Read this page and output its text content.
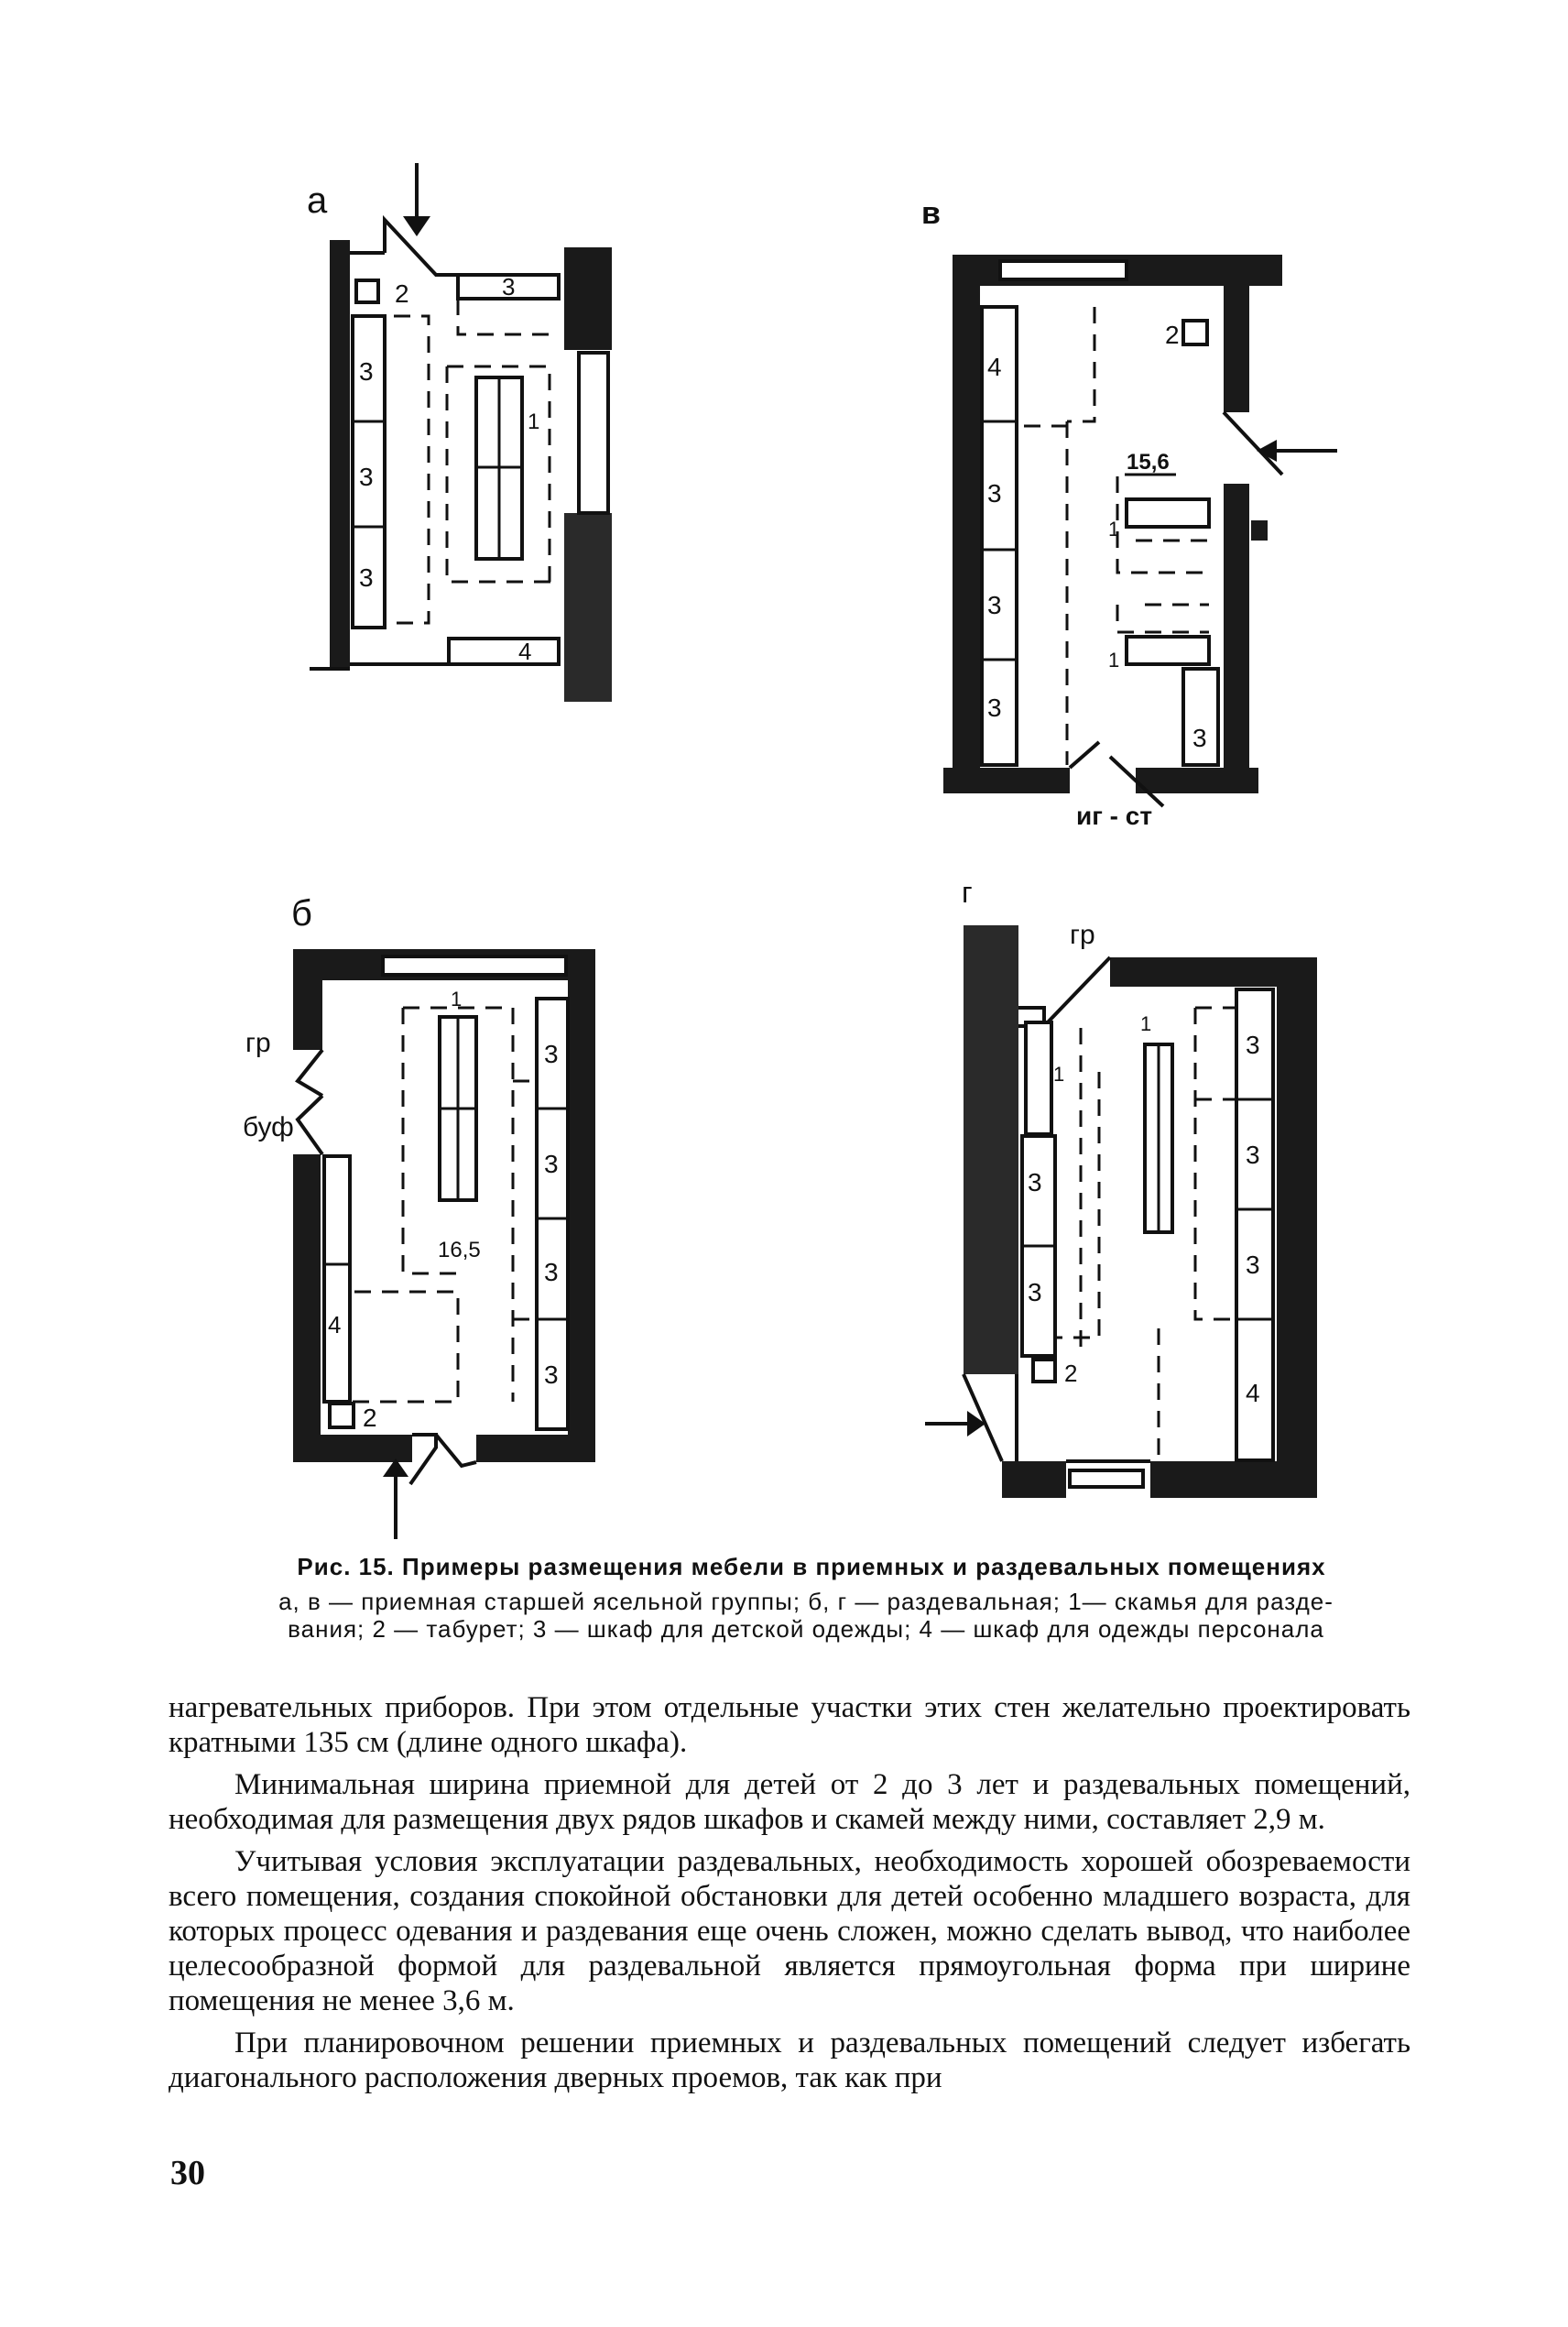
а
3
3
3
2	3
4
1
в
4
3
3
3
2
15,6
1
1
3
иг - ст
б
гр
буф
3
3
3
3
4
2
1
16,5
г
гр
3
3
1
2
3
3
3
4
1
Рис. 15. Примеры размещения мебели в приемных и раздевальных помещениях
а, в — приемная старшей ясельной группы; б, г — раздевальная; 1— скамья для разде-
вания; 2 — табурет; 3 — шкаф для детской одежды; 4 — шкаф для одежды персонала

нагревательных приборов. При этом отдельные участки этих стен желательно проектировать кратными 135 см (длине одного шкафа).

Минимальная ширина приемной для детей от 2 до 3 лет и раздевальных помещений, необходимая для размещения двух рядов шкафов и скамей между ними, составляет 2,9 м.

Учитывая условия эксплуатации раздевальных, необходимость хорошей обозреваемости всего помещения, создания спокойной обстановки для детей особенно младшего возраста, для которых процесс одевания и раздевания еще очень сложен, можно сделать вывод, что наиболее целесообразной формой для раздевальной является прямоугольная форма при ширине помещения не менее 3,6 м.

При планировочном решении приемных и раздевальных помещений следует избегать диагонального расположения дверных проемов, так как при

30
